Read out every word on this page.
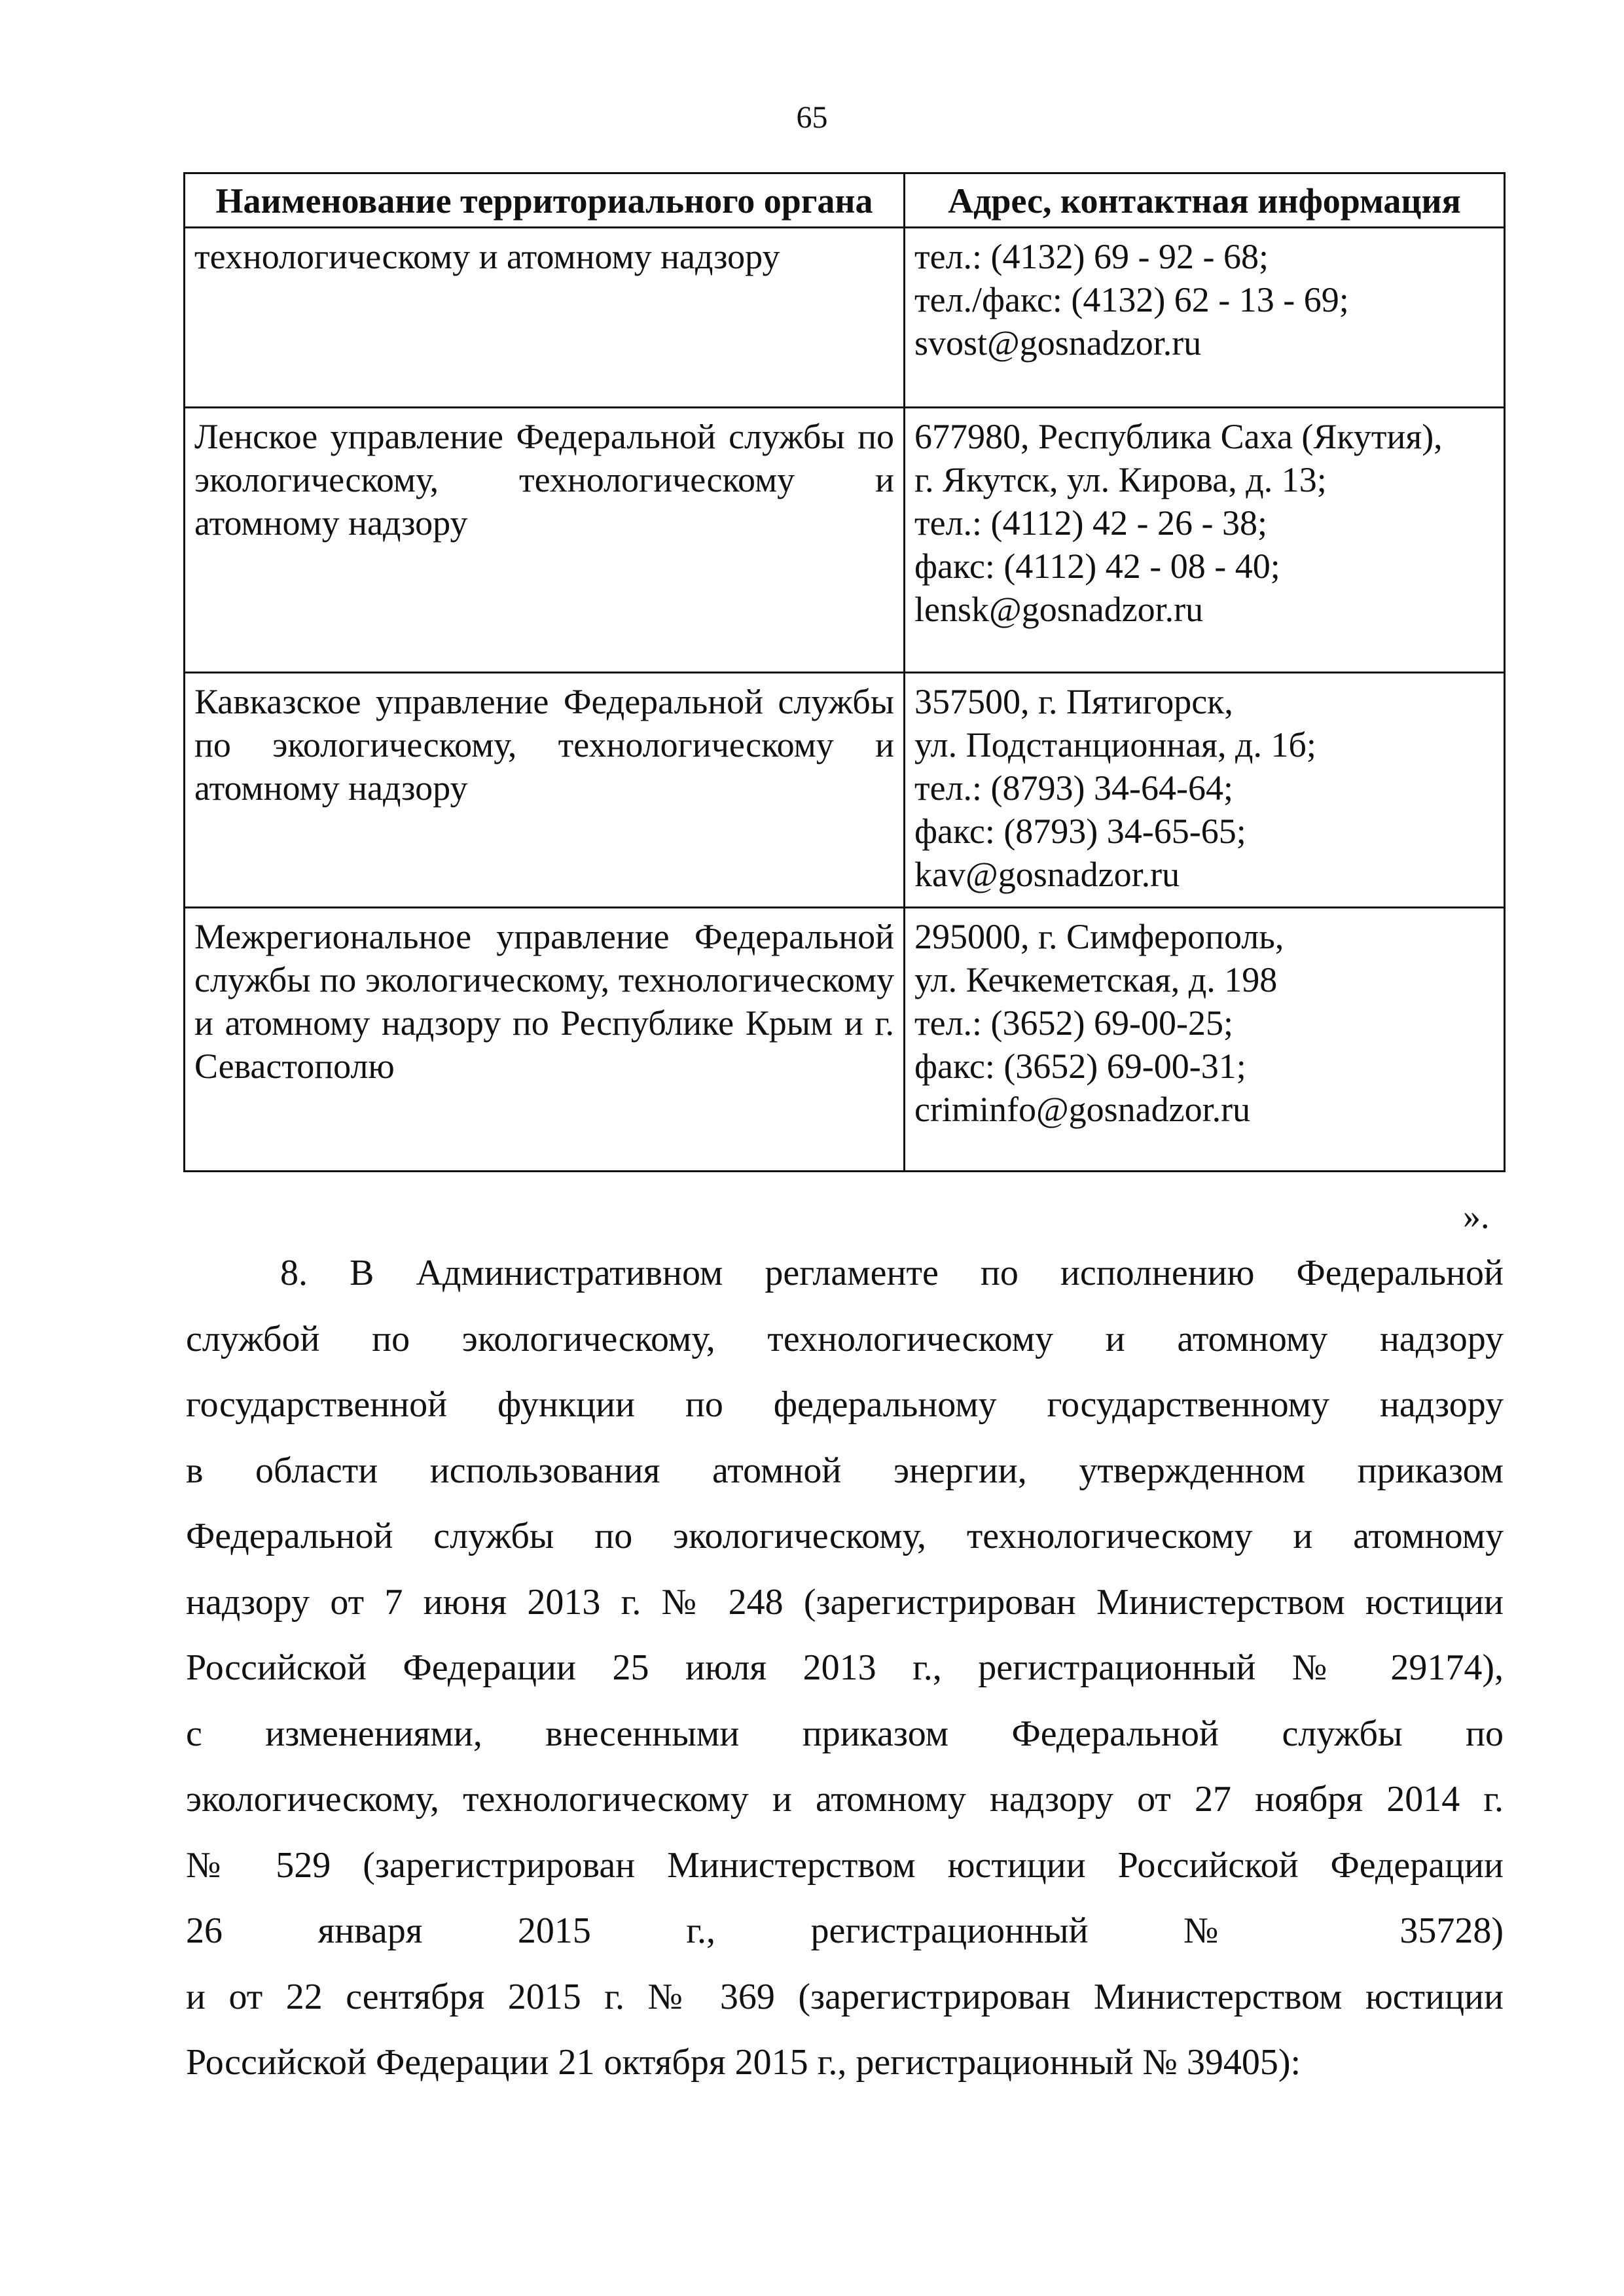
65
Наименование территориального органа	Адрес, контактная информация
технологическому и атомному надзору	тел.: (4132) 69 - 92 - 68;
тел./факс: (4132) 62 - 13 - 69;
svost@gosnadzor.ru

Ленское управление Федеральной службы по экологическому, технологическому и атомному надзору	677980, Республика Саха (Якутия),
г. Якутск, ул. Кирова, д. 13;
тел.: (4112) 42 - 26 - 38;
факс: (4112) 42 - 08 - 40;
lensk@gosnadzor.ru

Кавказское управление Федеральной службы по экологическому, технологическому и атомному надзору	357500, г. Пятигорск,
ул. Подстанционная, д. 1б;
тел.: (8793) 34-64-64;
факс: (8793) 34-65-65;
kav@gosnadzor.ru

Межрегиональное управление Федеральной службы по экологическому, технологическому и атомному надзору по Республике Крым и г. Севастополю	295000, г. Симферополь,
ул. Кечкеметская, д. 198
тел.: (3652) 69-00-25;
факс: (3652) 69-00-31;
criminfo@gosnadzor.ru
».
8. В Административном регламенте по исполнению Федеральной
службой по экологическому, технологическому и атомному надзору
государственной функции по федеральному государственному надзору
в области использования атомной энергии, утвержденном приказом
Федеральной службы по экологическому, технологическому и атомному
надзору от 7 июня 2013 г. № 248 (зарегистрирован Министерством юстиции
Российской Федерации 25 июля 2013 г., регистрационный № 29174),
с изменениями, внесенными приказом Федеральной службы по
экологическому, технологическому и атомному надзору от 27 ноября 2014 г.
№ 529 (зарегистрирован Министерством юстиции Российской Федерации
26 января 2015 г., регистрационный № 35728)
и от 22 сентября 2015 г. № 369 (зарегистрирован Министерством юстиции
Российской Федерации 21 октября 2015 г., регистрационный № 39405):
